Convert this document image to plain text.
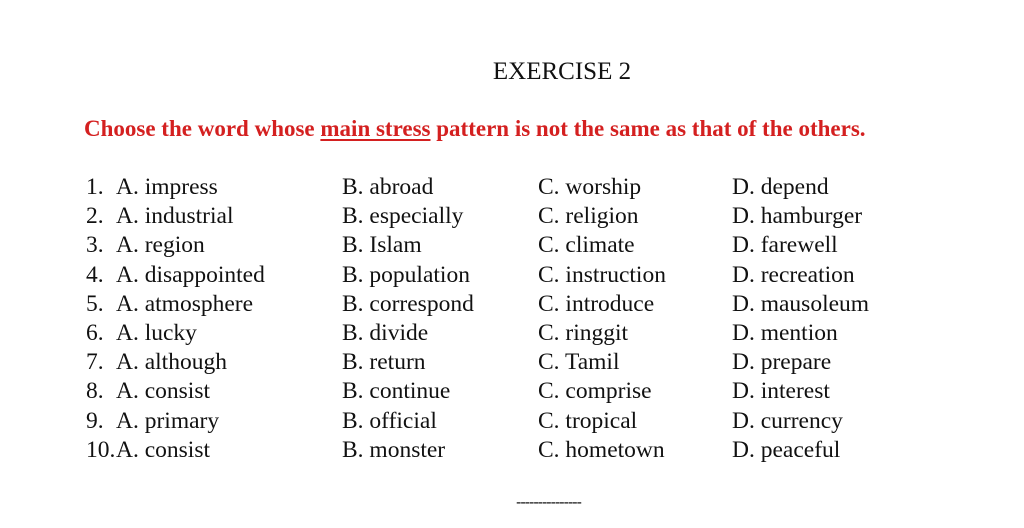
EXERCISE 2
Choose the word whose main stress pattern is not the same as that of the others.
1. A. impress	B. abroad	C. worship	D. depend
2. A. industrial	B. especially	C. religion	D. hamburger
3. A. region	B. Islam	C. climate	D. farewell
4. A. disappointed	B. population	C. instruction	D. recreation
5. A. atmosphere	B. correspond	C. introduce	D. mausoleum
6. A. lucky	B. divide	C. ringgit	D. mention
7. A. although	B. return	C. Tamil	D. prepare
8. A. consist	B. continue	C. comprise	D. interest
9. A. primary	B. official	C. tropical	D. currency
10. A. consist	B. monster	C. hometown	D. peaceful
---------------
